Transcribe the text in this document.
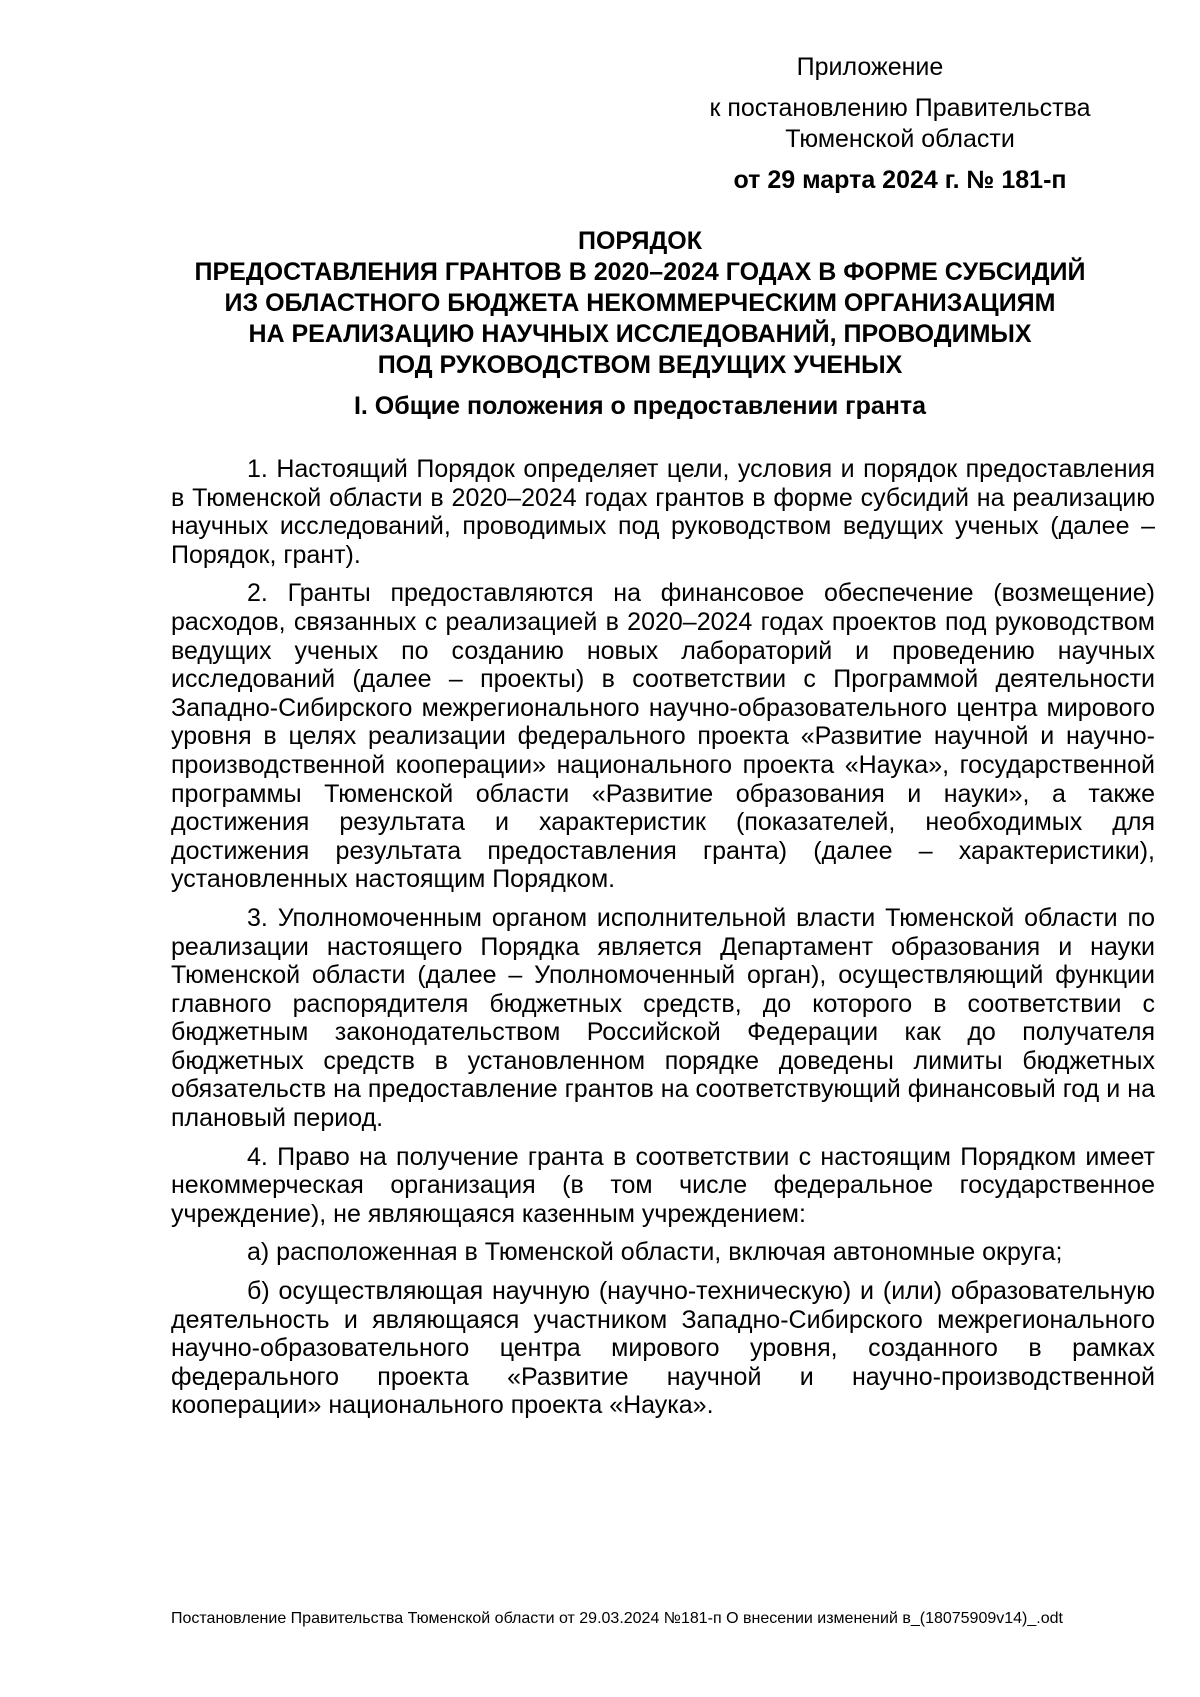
Приложение
к постановлению Правительства
Тюменской области
от 29 марта 2024 г. № 181-п
ПОРЯДОК
ПРЕДОСТАВЛЕНИЯ ГРАНТОВ В 2020–2024 ГОДАХ В ФОРМЕ СУБСИДИЙ
ИЗ ОБЛАСТНОГО БЮДЖЕТА НЕКОММЕРЧЕСКИМ ОРГАНИЗАЦИЯМ
НА РЕАЛИЗАЦИЮ НАУЧНЫХ ИССЛЕДОВАНИЙ, ПРОВОДИМЫХ
ПОД РУКОВОДСТВОМ ВЕДУЩИХ УЧЕНЫХ
I. Общие положения о предоставлении гранта

1. Настоящий Порядок определяет цели, условия и порядок предоставления в Тюменской области в 2020–2024 годах грантов в форме субсидий на реализацию научных исследований, проводимых под руководством ведущих ученых (далее – Порядок, грант).

2. Гранты предоставляются на финансовое обеспечение (возмещение) расходов, связанных с реализацией в 2020–2024 годах проектов под руководством ведущих ученых по созданию новых лабораторий и проведению научных исследований (далее – проекты) в соответствии с Программой деятельности Западно-Сибирского межрегионального научно-образовательного центра мирового уровня в целях реализации федерального проекта «Развитие научной и научно-производственной кооперации» национального проекта «Наука», государственной программы Тюменской области «Развитие образования и науки», а также достижения результата и характеристик (показателей, необходимых для достижения результата предоставления гранта) (далее – характеристики), установленных настоящим Порядком.

3. Уполномоченным органом исполнительной власти Тюменской области по реализации настоящего Порядка является Департамент образования и науки Тюменской области (далее – Уполномоченный орган), осуществляющий функции главного распорядителя бюджетных средств, до которого в соответствии с бюджетным законодательством Российской Федерации как до получателя бюджетных средств в установленном порядке доведены лимиты бюджетных обязательств на предоставление грантов на соответствующий финансовый год и на плановый период.

4. Право на получение гранта в соответствии с настоящим Порядком имеет некоммерческая организация (в том числе федеральное государственное учреждение), не являющаяся казенным учреждением:

а) расположенная в Тюменской области, включая автономные округа;

б) осуществляющая научную (научно-техническую) и (или) образовательную деятельность и являющаяся участником Западно-Сибирского межрегионального научно-образовательного центра мирового уровня, созданного в рамках федерального проекта «Развитие научной и научно-производственной кооперации» национального проекта «Наука».

Постановление Правительства Тюменской области от 29.03.2024 №181-п О внесении изменений в_(18075909v14)_.odt
